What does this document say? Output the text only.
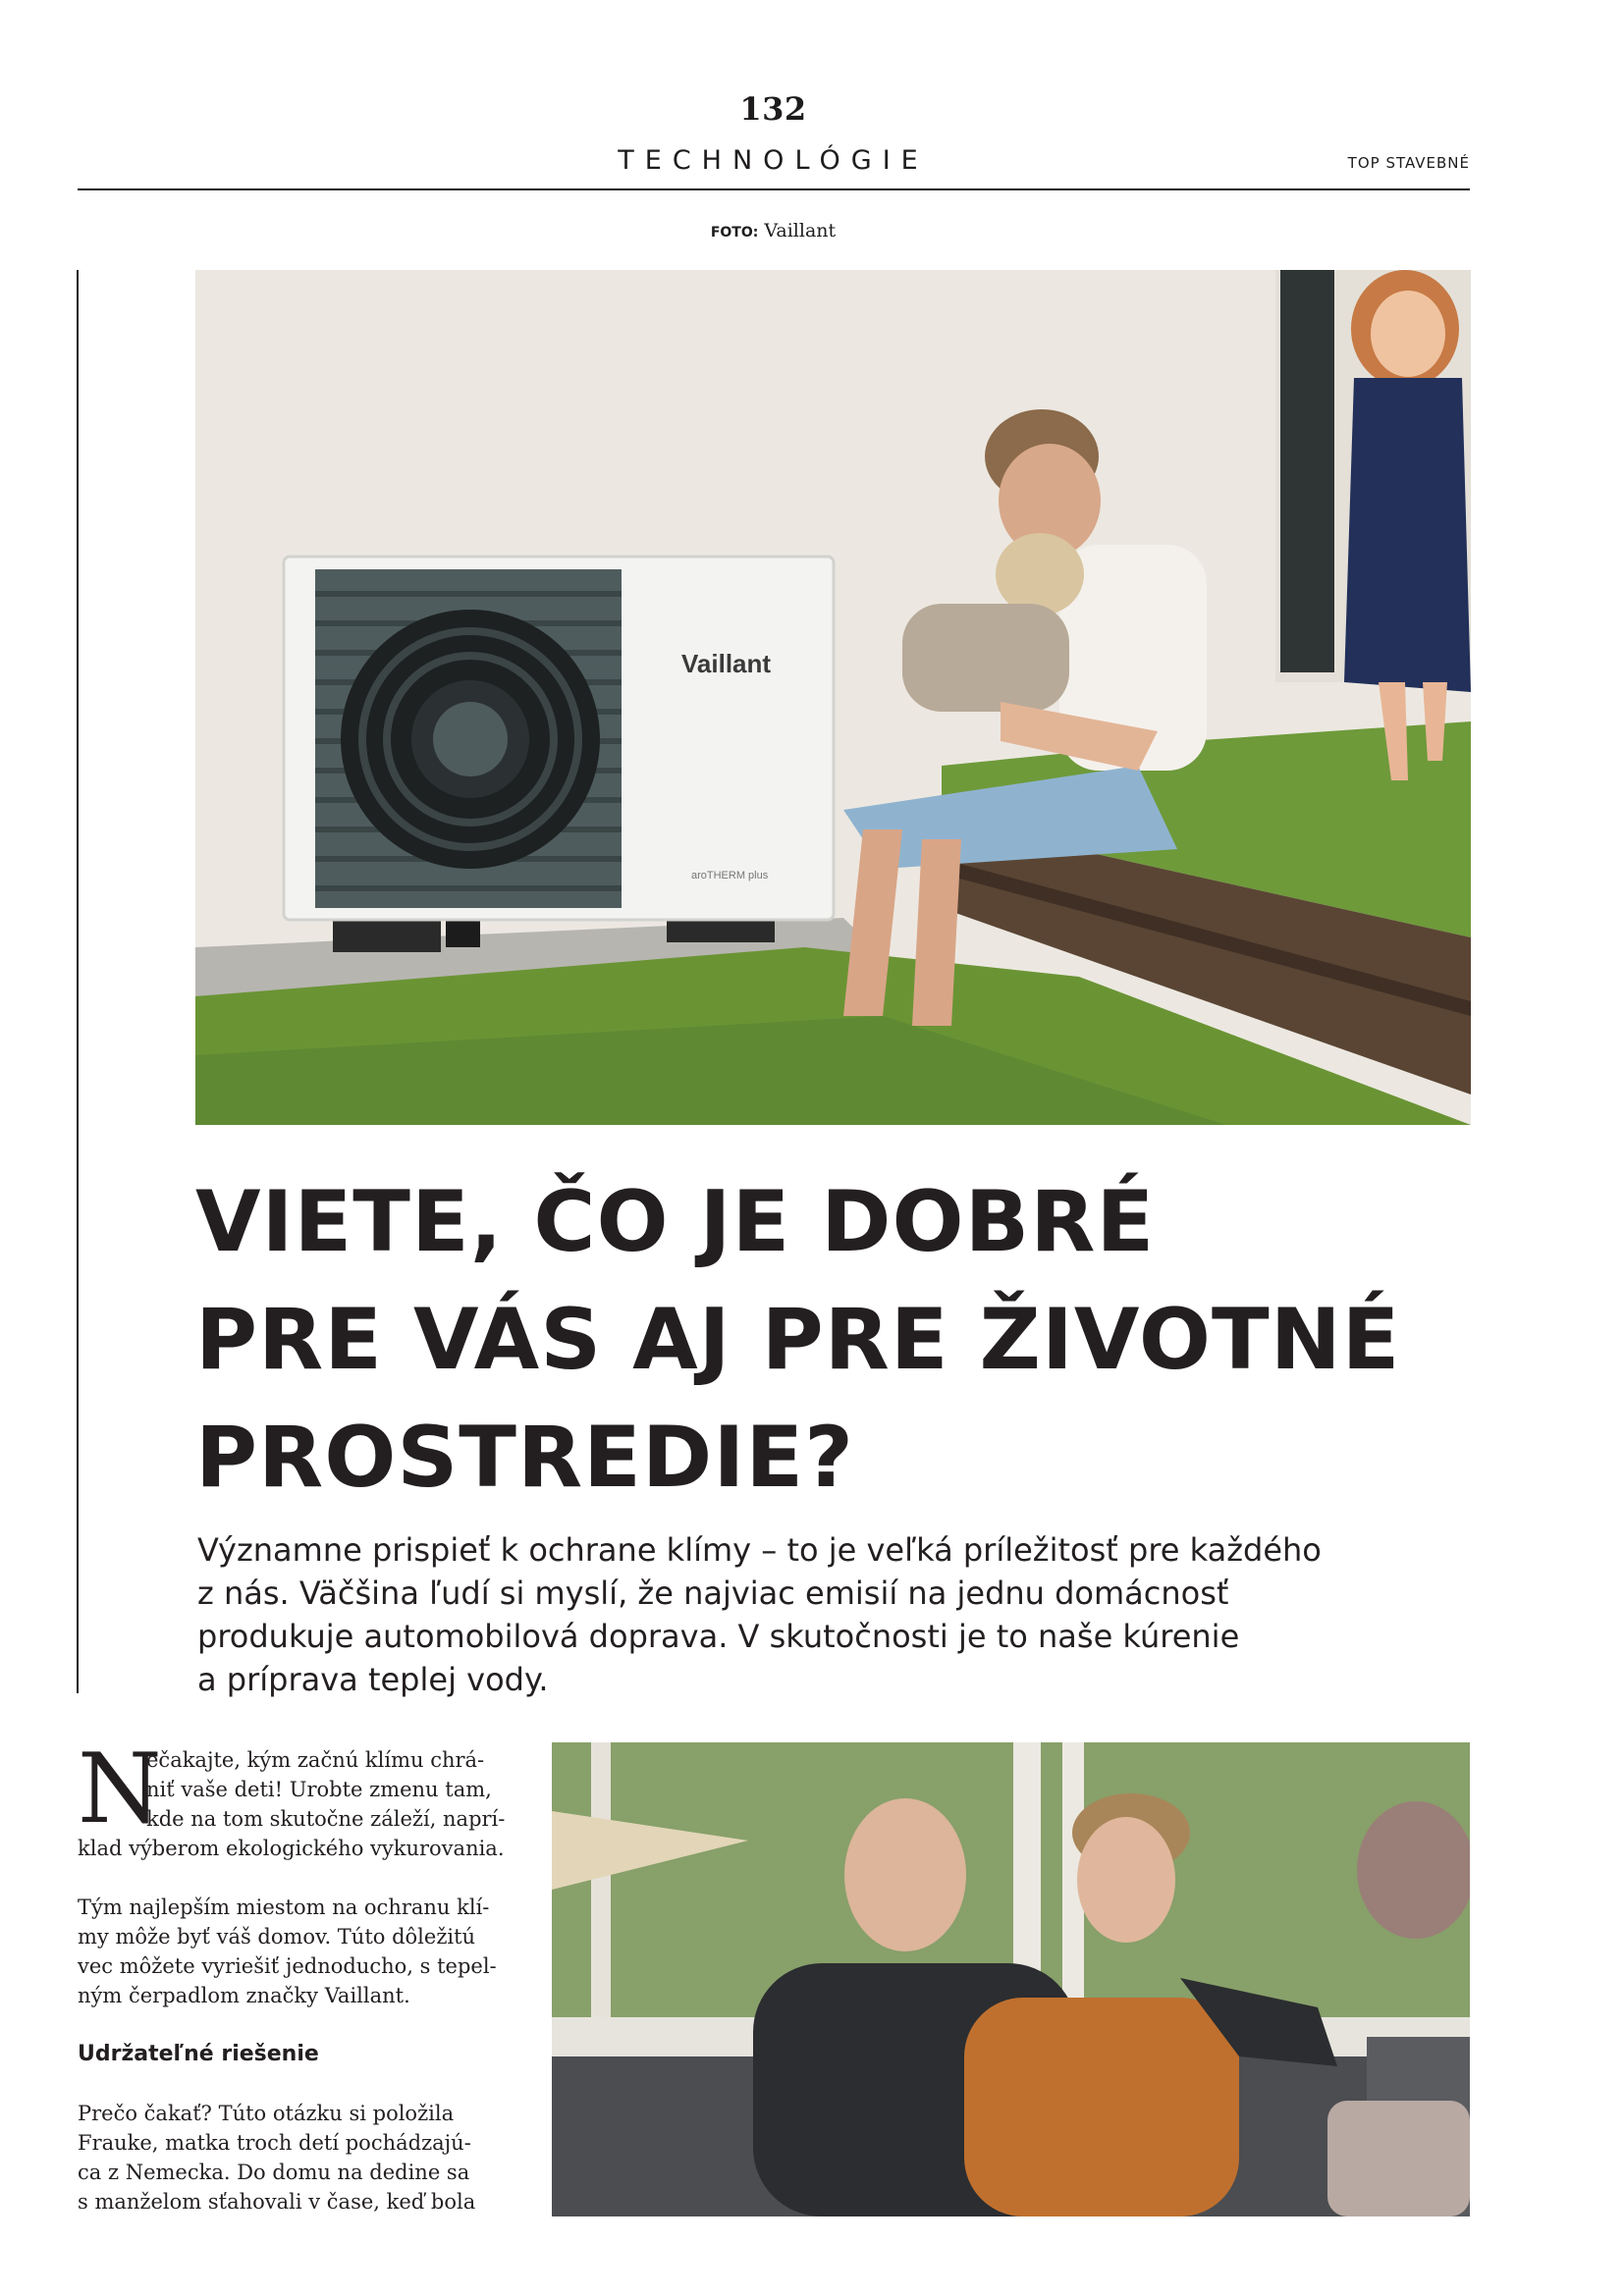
132
TECHNOLÓGIE	TOP STAVEBNÉ
FOTO: Vaillant
Vaillant
aroTHERM plus
VIETE, ČO JE DOBRÉ
PRE VÁS AJ PRE ŽIVOTNÉ
PROSTREDIE?
Významne prispieť k ochrane klímy – to je veľká príležitosť pre každého
z nás. Väčšina ľudí si myslí, že najviac emisií na jednu domácnosť
produkuje automobilová doprava. V skutočnosti je to naše kúrenie
a príprava teplej vody.
N
ečakajte, kým začnú klímu chrá-
niť vaše deti! Urobte zmenu tam,
kde na tom skutočne záleží, naprí-
klad výberom ekologického vykurovania.
Tým najlepším miestom na ochranu klí-
my môže byť váš domov. Túto dôležitú
vec môžete vyriešiť jednoducho, s tepel-
ným čerpadlom značky Vaillant.
Udržateľné riešenie
Prečo čakať? Túto otázku si položila
Frauke, matka troch detí pochádzajú-
ca z Nemecka. Do domu na dedine sa
s manželom sťahovali v čase, keď bola
